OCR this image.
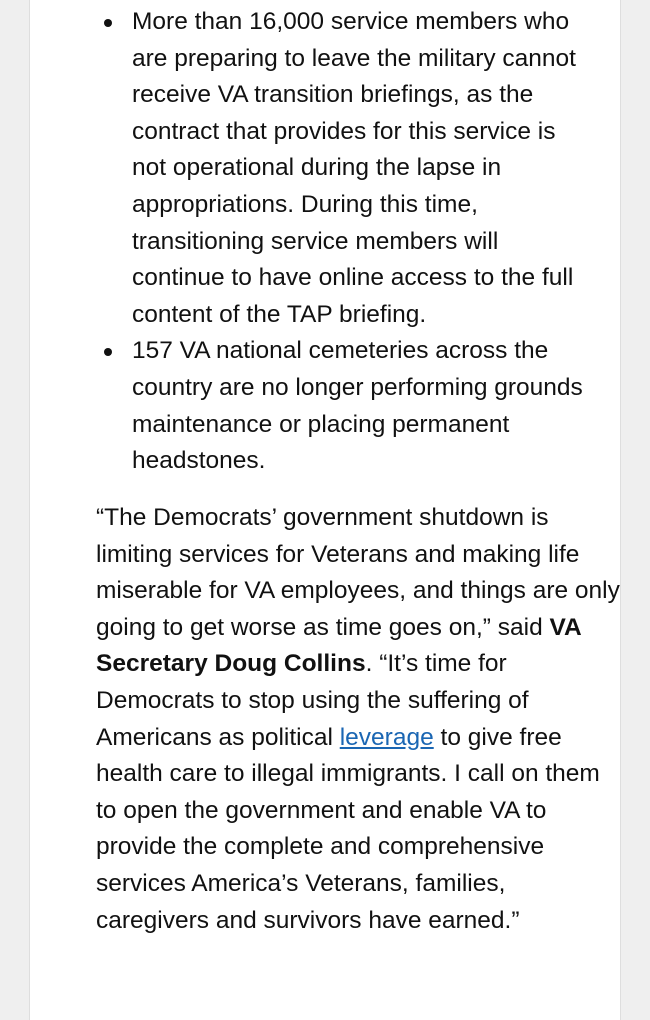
More than 16,000 service members who are preparing to leave the military cannot receive VA transition briefings, as the contract that provides for this service is not operational during the lapse in appropriations. During this time, transitioning service members will continue to have online access to the full content of the TAP briefing.
157 VA national cemeteries across the country are no longer performing grounds maintenance or placing permanent headstones.

“The Democrats’ government shutdown is limiting services for Veterans and making life miserable for VA employees, and things are only going to get worse as time goes on,” said VA Secretary Doug Collins. “It’s time for Democrats to stop using the suffering of Americans as political leverage to give free health care to illegal immigrants. I call on them to open the government and enable VA to provide the complete and comprehensive services America’s Veterans, families, caregivers and survivors have earned.”
